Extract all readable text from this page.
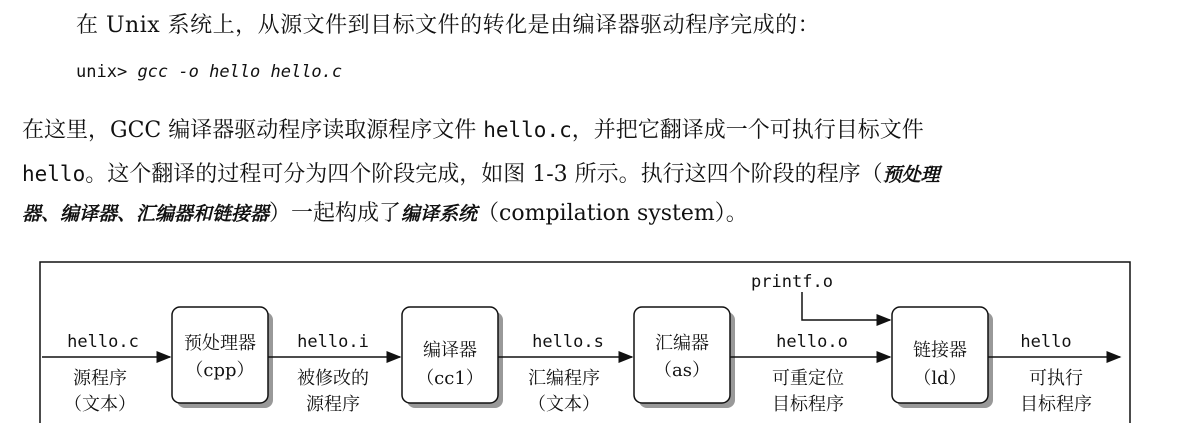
在 Unix 系统上，从源文件到目标文件的转化是由编译器驱动程序完成的：
unix> gcc -o hello hello.c
在这里，GCC 编译器驱动程序读取源程序文件 hello.c，并把它翻译成一个可执行目标文件
hello。这个翻译的过程可分为四个阶段完成，如图 1-3 所示。执行这四个阶段的程序（预处理
器、编译器、汇编器和链接器）一起构成了编译系统（compilation system）。
预处理器
（cpp）
编译器
（cc1）
汇编器
（as）
链接器
（ld）
printf.o
hello.c
源程序
（文本）
hello.i
被修改的
源程序
hello.s
汇编程序
（文本）
hello.o
可重定位
目标程序
hello
可执行
目标程序
